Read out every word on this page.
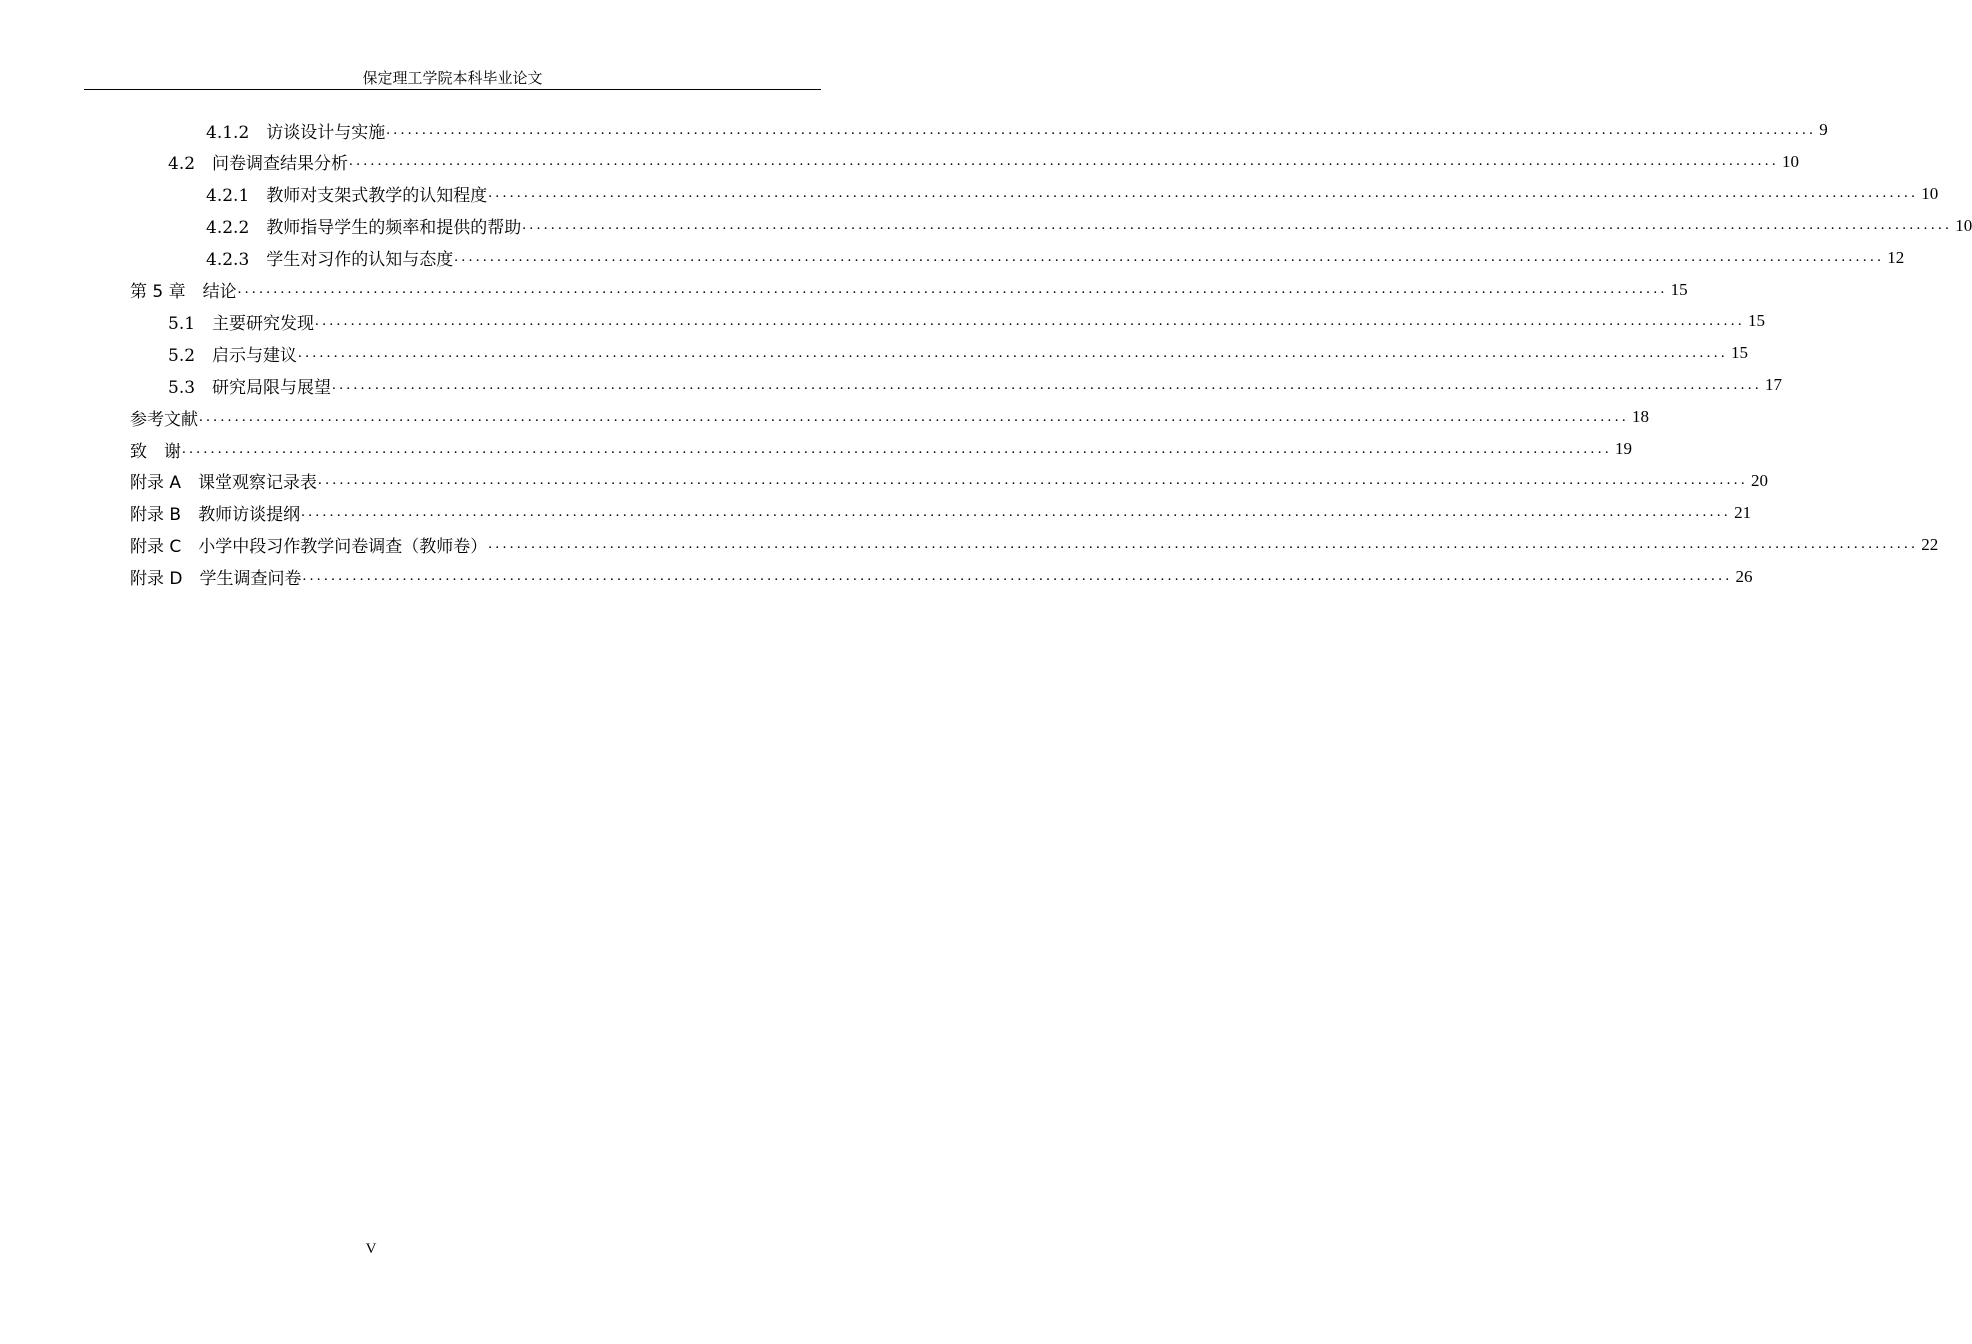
保定理工学院本科毕业论文
4.1.2　 访谈设计与实施 ........................................................................................................................................................................................................ 9
4.2　 问卷调查结果分析 ........................................................................................................................................................................................................ 10
4.2.1　 教师对支架式教学的认知程度 ........................................................................................................................................................................................................ 10
4.2.2　 教师指导学生的频率和提供的帮助 ........................................................................................................................................................................................................ 10
4.2.3　 学生对习作的认知与态度 ........................................................................................................................................................................................................ 12
第 5 章　 结论 ........................................................................................................................................................................................................ 15
5.1　 主要研究发现 ........................................................................................................................................................................................................ 15
5.2　 启示与建议 ........................................................................................................................................................................................................ 15
5.3　 研究局限与展望 ........................................................................................................................................................................................................ 17
参考文献 ........................................................................................................................................................................................................ 18
致　谢 ........................................................................................................................................................................................................ 19
附录 A　 课堂观察记录表 ........................................................................................................................................................................................................ 20
附录 B　 教师访谈提纲 ........................................................................................................................................................................................................ 21
附录 C　 小学中段习作教学问卷调查（教师卷） ........................................................................................................................................................................................................ 22
附录 D　 学生调查问卷 ........................................................................................................................................................................................................ 26
V
